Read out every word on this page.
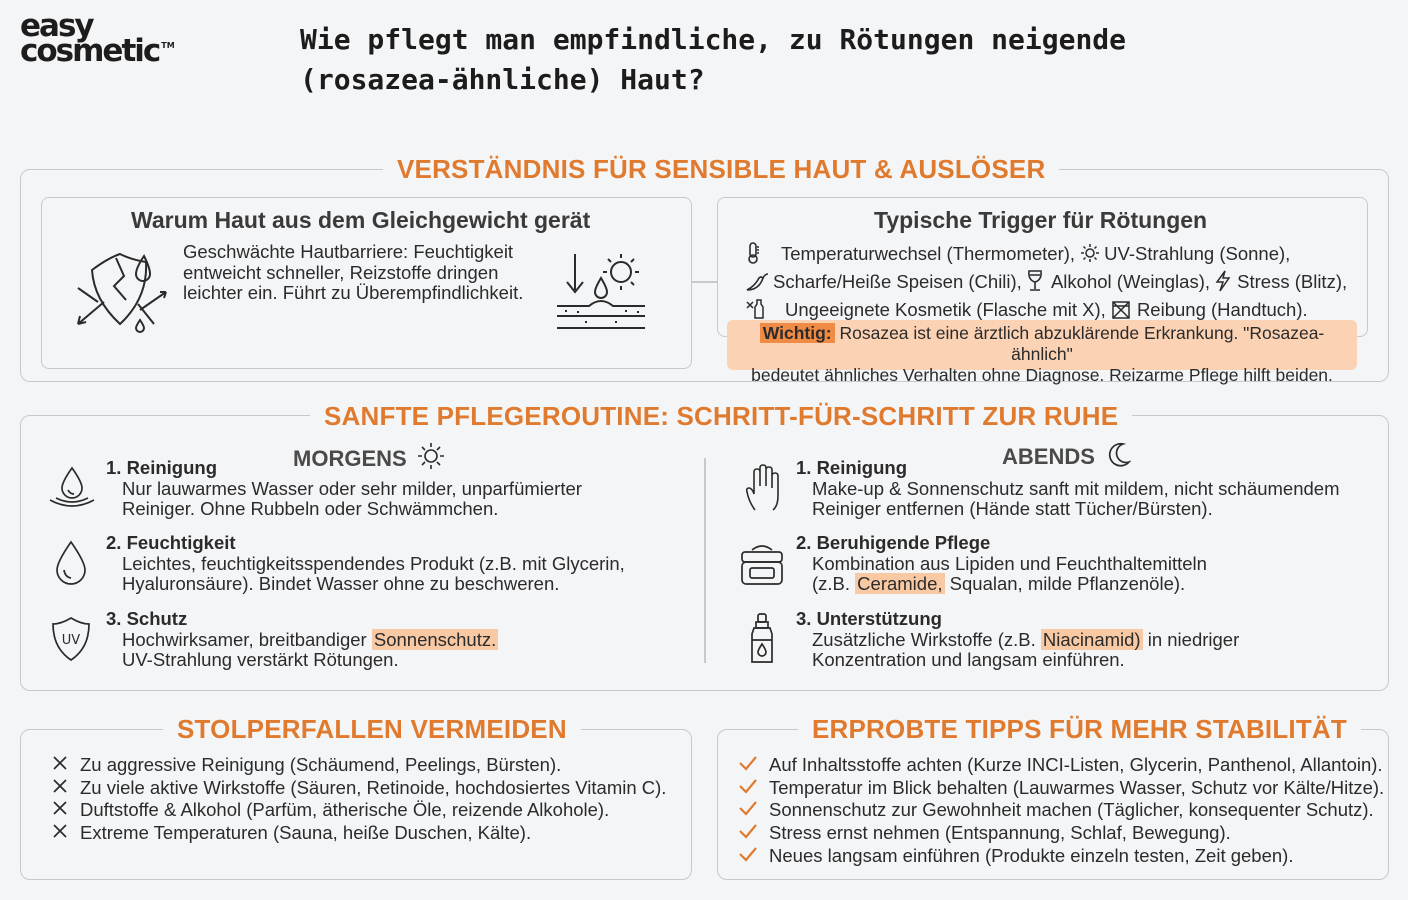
easy
cosmetic ™	Wie pflegt man empfindliche, zu Rötungen neigende (rosazea-ähnliche) Haut?
VERSTÄNDNIS FÜR SENSIBLE HAUT & AUSLÖSER
Warum Haut aus dem Gleichgewicht gerät
Geschwächte Hautbarriere: Feuchtigkeit entweicht schneller, Reizstoffe dringen leichter ein. Führt zu Überempfindlichkeit.
Typische Trigger für Rötungen
Temperaturwechsel (Thermometer), UV-Strahlung (Sonne),
Scharfe/Heiße Speisen (Chili), Alkohol (Weinglas), Stress (Blitz),
Ungeeignete Kosmetik (Flasche mit X), Reibung (Handtuch).
Wichtig: Rosazea ist eine ärztlich abzuklärende Erkrankung. "Rosazea-ähnlich"
bedeutet ähnliches Verhalten ohne Diagnose. Reizarme Pflege hilft beiden.
SANFTE PFLEGEROUTINE: SCHRITT-FÜR-SCHRITT ZUR RUHE
MORGENS	ABENDS
1. Reinigung
Nur lauwarmes Wasser oder sehr milder, unparfümierter Reiniger. Ohne Rubbeln oder Schwämmchen.
2. Feuchtigkeit
Leichtes, feuchtigkeitsspendendes Produkt (z.B. mit Glycerin, Hyaluronsäure). Bindet Wasser ohne zu beschweren.
UV
3. Schutz
Hochwirksamer, breitbandiger Sonnenschutz.
UV-Strahlung verstärkt Rötungen.
1. Reinigung
Make-up & Sonnenschutz sanft mit mildem, nicht schäumendem Reiniger entfernen (Hände statt Tücher/Bürsten).
2. Beruhigende Pflege
Kombination aus Lipiden und Feuchthaltemitteln
(z.B. Ceramide, Squalan, milde Pflanzenöle).
3. Unterstützung
Zusätzliche Wirkstoffe (z.B. Niacinamid) in niedriger
Konzentration und langsam einführen.
STOLPERFALLEN VERMEIDEN
Zu aggressive Reinigung (Schäumend, Peelings, Bürsten).
Zu viele aktive Wirkstoffe (Säuren, Retinoide, hochdosiertes Vitamin C).
Duftstoffe & Alkohol (Parfüm, ätherische Öle, reizende Alkohole).
Extreme Temperaturen (Sauna, heiße Duschen, Kälte).
ERPROBTE TIPPS FÜR MEHR STABILITÄT
Auf Inhaltsstoffe achten (Kurze INCI-Listen, Glycerin, Panthenol, Allantoin).
Temperatur im Blick behalten (Lauwarmes Wasser, Schutz vor Kälte/Hitze).
Sonnenschutz zur Gewohnheit machen (Täglicher, konsequenter Schutz).
Stress ernst nehmen (Entspannung, Schlaf, Bewegung).
Neues langsam einführen (Produkte einzeln testen, Zeit geben).
